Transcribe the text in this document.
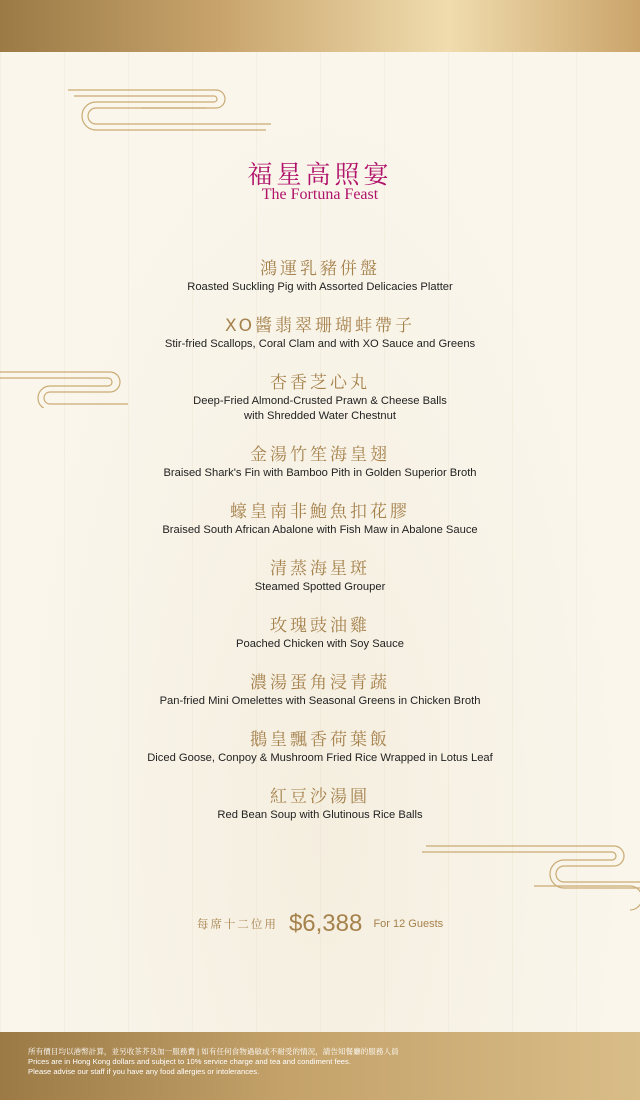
福星高照宴
The Fortuna Feast
鴻運乳豬併盤
Roasted Suckling Pig with Assorted Delicacies Platter
XO醬翡翠珊瑚蚌帶子
Stir-fried Scallops, Coral Clam and with XO Sauce and Greens
杏香芝心丸
Deep-Fried Almond-Crusted Prawn & Cheese Balls
with Shredded Water Chestnut
金湯竹笙海皇翅
Braised Shark's Fin with Bamboo Pith in Golden Superior Broth
蠔皇南非鮑魚扣花膠
Braised South African Abalone with Fish Maw in Abalone Sauce
清蒸海星斑
Steamed Spotted Grouper
玫瑰豉油雞
Poached Chicken with Soy Sauce
濃湯蛋角浸青蔬
Pan-fried Mini Omelettes with Seasonal Greens in Chicken Broth
鵝皇飄香荷葉飯
Diced Goose, Conpoy & Mushroom Fried Rice Wrapped in Lotus Leaf
紅豆沙湯圓
Red Bean Soup with Glutinous Rice Balls
每席十二位用 $6,388 For 12 Guests
所有價目均以港幣計算，並另收茶芥及加一服務費 | 如有任何食物過敏或不耐受的情況，請告知餐廳的服務人員
Prices are in Hong Kong dollars and subject to 10% service charge and tea and condiment fees.
Please advise our staff if you have any food allergies or intolerances.
